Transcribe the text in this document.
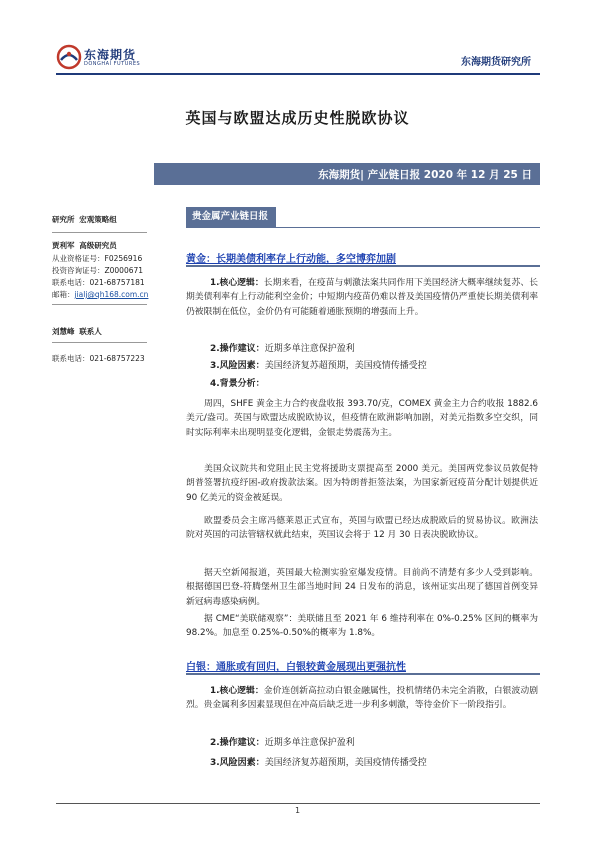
东海期货
DONGHAI FUTURES	东海期货研究所
英国与欧盟达成历史性脱欧协议
东海期货| 产业链日报 2020 年 12 月 25 日
研究所 宏观策略组
贾利军 高级研究员
从业资格证号：F0256916
投资咨询证号：Z0000671
联系电话：021-68757181
邮箱：jialj@qh168.com.cn
刘慧峰 联系人
联系电话：021-68757223
贵金属产业链日报
黄金：长期美债利率存上行动能，多空博弈加剧
1.核心逻辑：长期来看，在疫苗与刺激法案共同作用下美国经济大概率继续复苏、长期美债利率有上行动能利空金价；中短期内疫苗仍难以普及美国疫情仍严重使长期美债利率仍被限制在低位，金价仍有可能随着通胀预期的增强而上升。
2.操作建议：近期多单注意保护盈利
3.风险因素：美国经济复苏超预期，美国疫情传播受控
4.背景分析：
周四，SHFE 黄金主力合约夜盘收报 393.70/克，COMEX 黄金主力合约收报 1882.6 美元/盎司。英国与欧盟达成脱欧协议，但疫情在欧洲影响加剧，对美元指数多空交织，同时实际利率未出现明显变化逻辑，金银走势震荡为主。
美国众议院共和党阻止民主党将援助支票提高至 2000 美元。美国两党参议员敦促特朗普签署抗疫纾困-政府拨款法案。因为特朗普拒签法案，为国家新冠疫苗分配计划提供近 90 亿美元的资金被延误。
欧盟委员会主席冯德莱恩正式宣布，英国与欧盟已经达成脱欧后的贸易协议。欧洲法院对英国的司法管辖权就此结束，英国议会将于 12 月 30 日表决脱欧协议。
据天空新闻报道，英国最大检测实验室爆发疫情。目前尚不清楚有多少人受到影响。根据德国巴登-符腾堡州卫生部当地时间 24 日发布的消息，该州证实出现了德国首例变异新冠病毒感染病例。
据 CME“美联储观察”：美联储且至 2021 年 6 维持利率在 0%-0.25% 区间的概率为 98.2%。加息至 0.25%-0.50%的概率为 1.8%。
白银：通胀或有回归，白银较黄金展现出更强抗性
1.核心逻辑：金价连创新高拉动白银金融属性，投机情绪仍未完全消散，白银波动剧烈。贵金属利多因素显现但在冲高后缺乏进一步利多刺激，等待金价下一阶段指引。
2.操作建议：近期多单注意保护盈利
3.风险因素：美国经济复苏超预期，美国疫情传播受控
1
